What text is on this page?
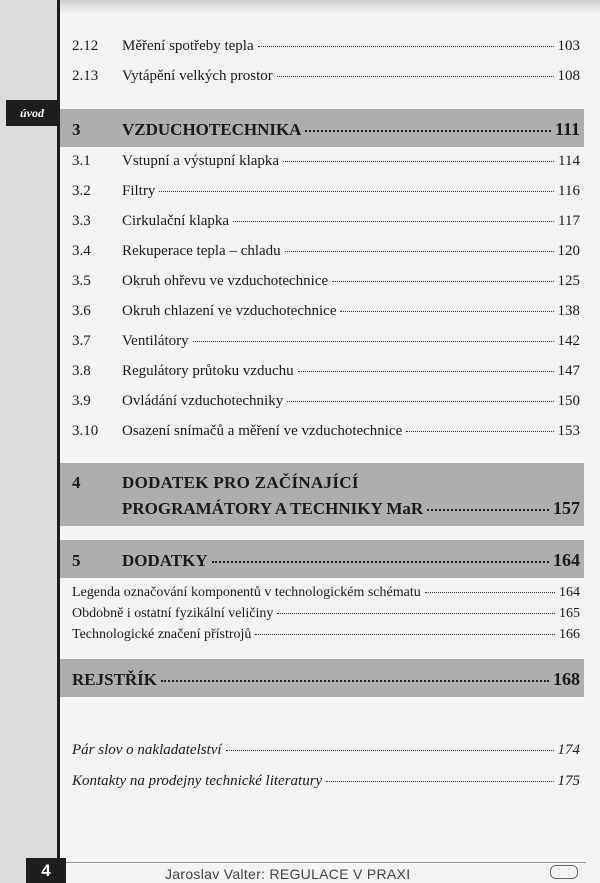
úvod
2.12	Měření spotřeby tepla	103
2.13	Vytápění velkých prostor	108
3	VZDUCHOTECHNIKA	111
3.1	Vstupní a výstupní klapka	114
3.2	Filtry	116
3.3	Cirkulační klapka	117
3.4	Rekuperace tepla – chladu	120
3.5	Okruh ohřevu ve vzduchotechnice	125
3.6	Okruh chlazení ve vzduchotechnice	138
3.7	Ventilátory	142
3.8	Regulátory průtoku vzduchu	147
3.9	Ovládání vzduchotechniky	150
3.10	Osazení snímačů a měření ve vzduchotechnice	153
4 DODATEK PRO ZAČÍNAJÍCÍ
PROGRAMÁTORY A TECHNIKY MaR	157
5	DODATKY	164
Legenda označování komponentů v technologickém schématu	164
Obdobně i ostatní fyzikální veličiny	165
Technologické značení přístrojů	166
REJSTŘÍK	168
Pár slov o nakladatelství	174
Kontakty na prodejny technické literatury	175
4	Jaroslav Valter: REGULACE V PRAXI
